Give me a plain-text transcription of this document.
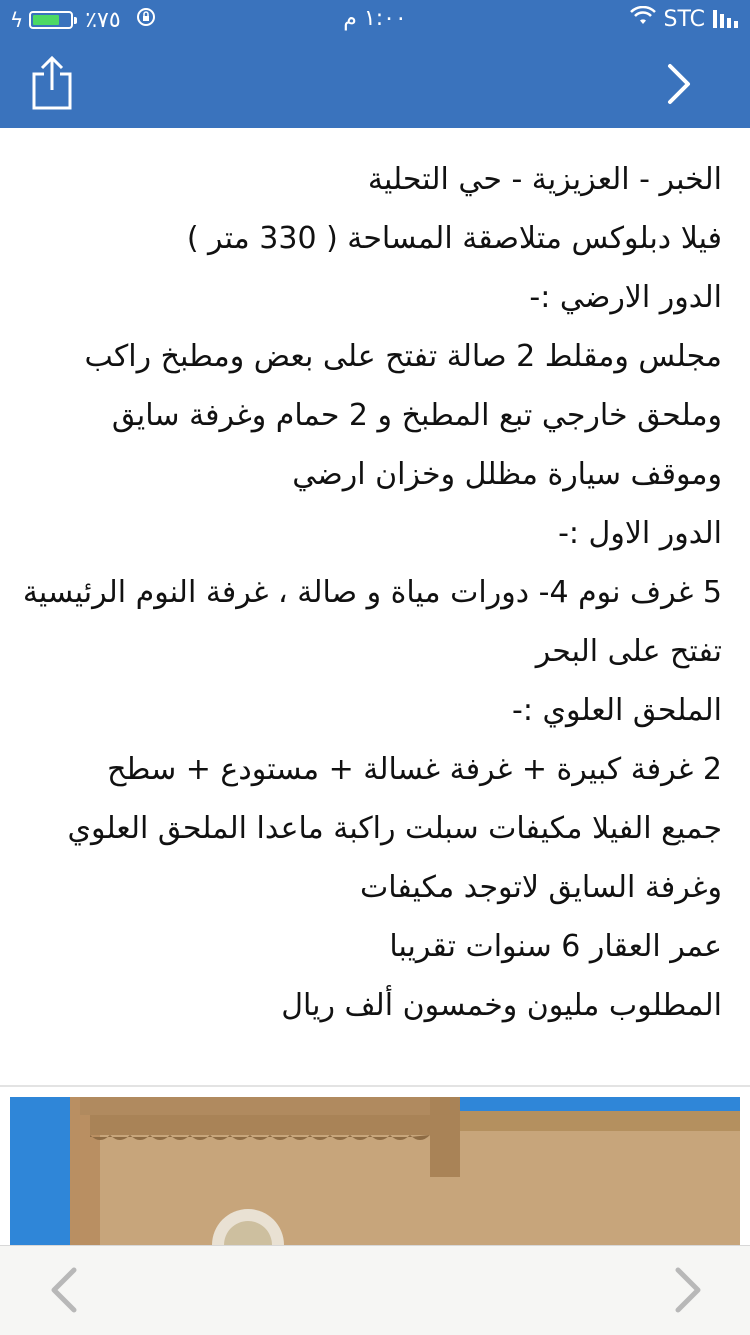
ϟ	٪٧٥	١:٠٠ م	STC
الخبر - العزيزية - حي التحلية
فيلا دبلوكس متلاصقة المساحة ( 330 متر )
الدور الارضي :-
مجلس ومقلط 2 صالة تفتح على بعض ومطبخ راكب
وملحق خارجي تبع المطبخ و 2 حمام وغرفة سايق
وموقف سيارة مظلل وخزان ارضي
الدور الاول :-
5 غرف نوم 4- دورات مياة و صالة ، غرفة النوم الرئيسية
تفتح على البحر
الملحق العلوي :-
2 غرفة كبيرة + غرفة غسالة + مستودع + سطح
جميع الفيلا مكيفات سبلت راكبة ماعدا الملحق العلوي
وغرفة السايق لاتوجد مكيفات
عمر العقار 6 سنوات تقريبا
المطلوب مليون وخمسون ألف ريال
